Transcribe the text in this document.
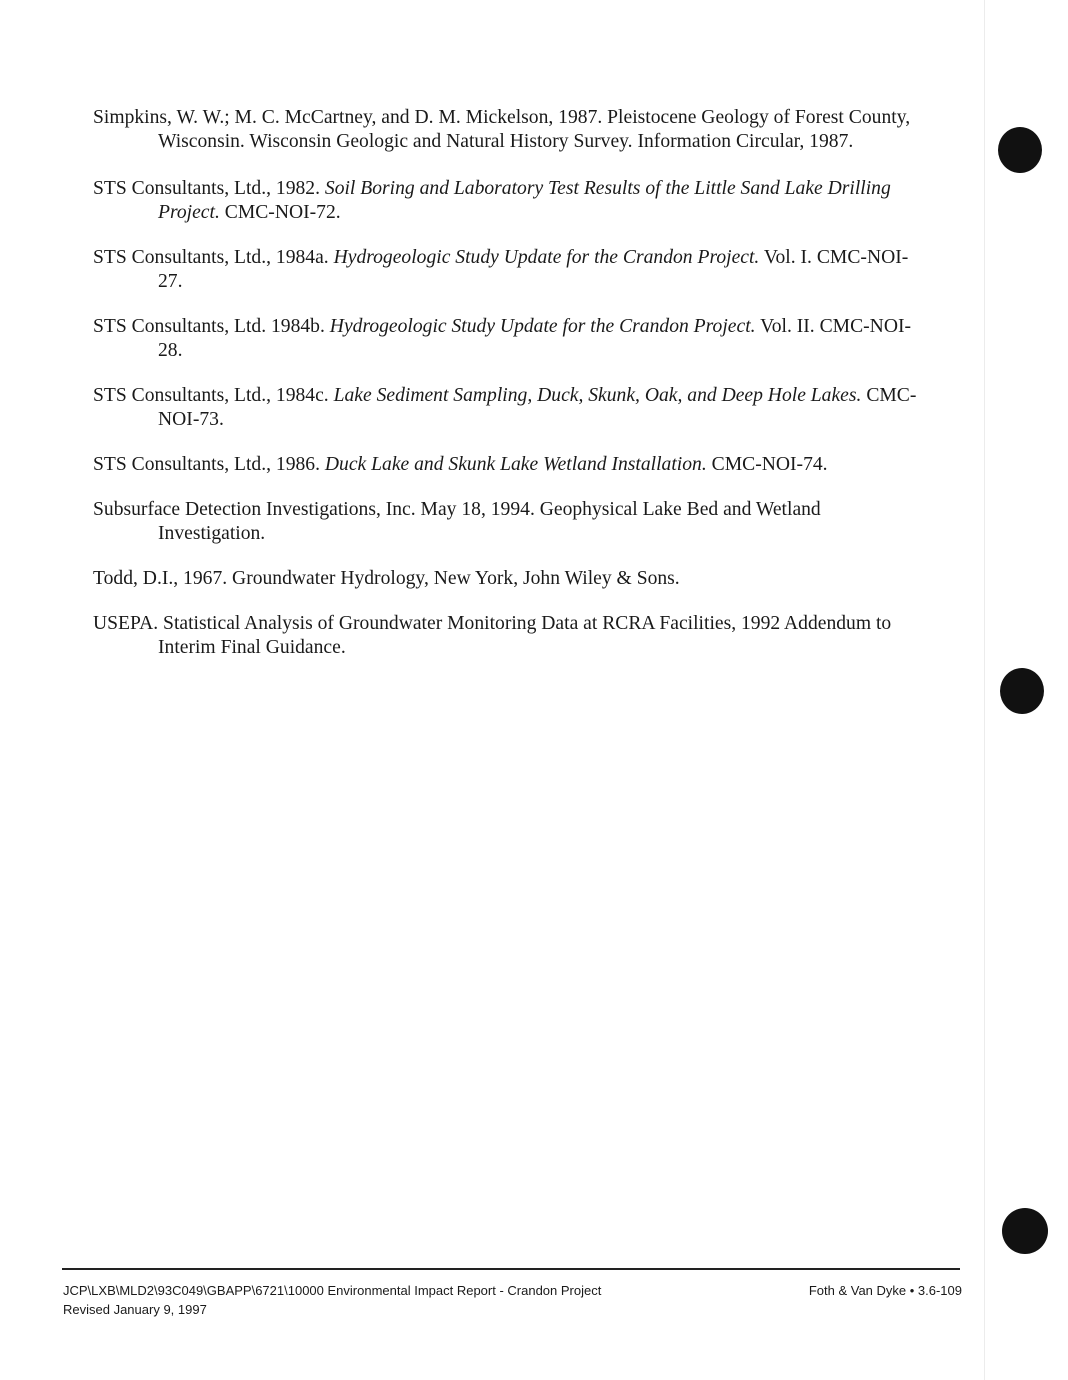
Simpkins, W. W.; M. C. McCartney, and D. M. Mickelson, 1987. Pleistocene Geology of Forest County, Wisconsin. Wisconsin Geologic and Natural History Survey. Information Circular, 1987.

STS Consultants, Ltd., 1982. Soil Boring and Laboratory Test Results of the Little Sand Lake Drilling Project. CMC-NOI-72.

STS Consultants, Ltd., 1984a. Hydrogeologic Study Update for the Crandon Project. Vol. I. CMC-NOI-27.

STS Consultants, Ltd. 1984b. Hydrogeologic Study Update for the Crandon Project. Vol. II. CMC-NOI-28.

STS Consultants, Ltd., 1984c. Lake Sediment Sampling, Duck, Skunk, Oak, and Deep Hole Lakes. CMC-NOI-73.

STS Consultants, Ltd., 1986. Duck Lake and Skunk Lake Wetland Installation. CMC-NOI-74.

Subsurface Detection Investigations, Inc. May 18, 1994. Geophysical Lake Bed and Wetland Investigation.

Todd, D.I., 1967. Groundwater Hydrology, New York, John Wiley & Sons.

USEPA. Statistical Analysis of Groundwater Monitoring Data at RCRA Facilities, 1992 Addendum to Interim Final Guidance.

JCP\LXB\MLD2\93C049\GBAPP\6721\10000 Environmental Impact Report - Crandon Project
Revised January 9, 1997
Foth & Van Dyke • 3.6-109
